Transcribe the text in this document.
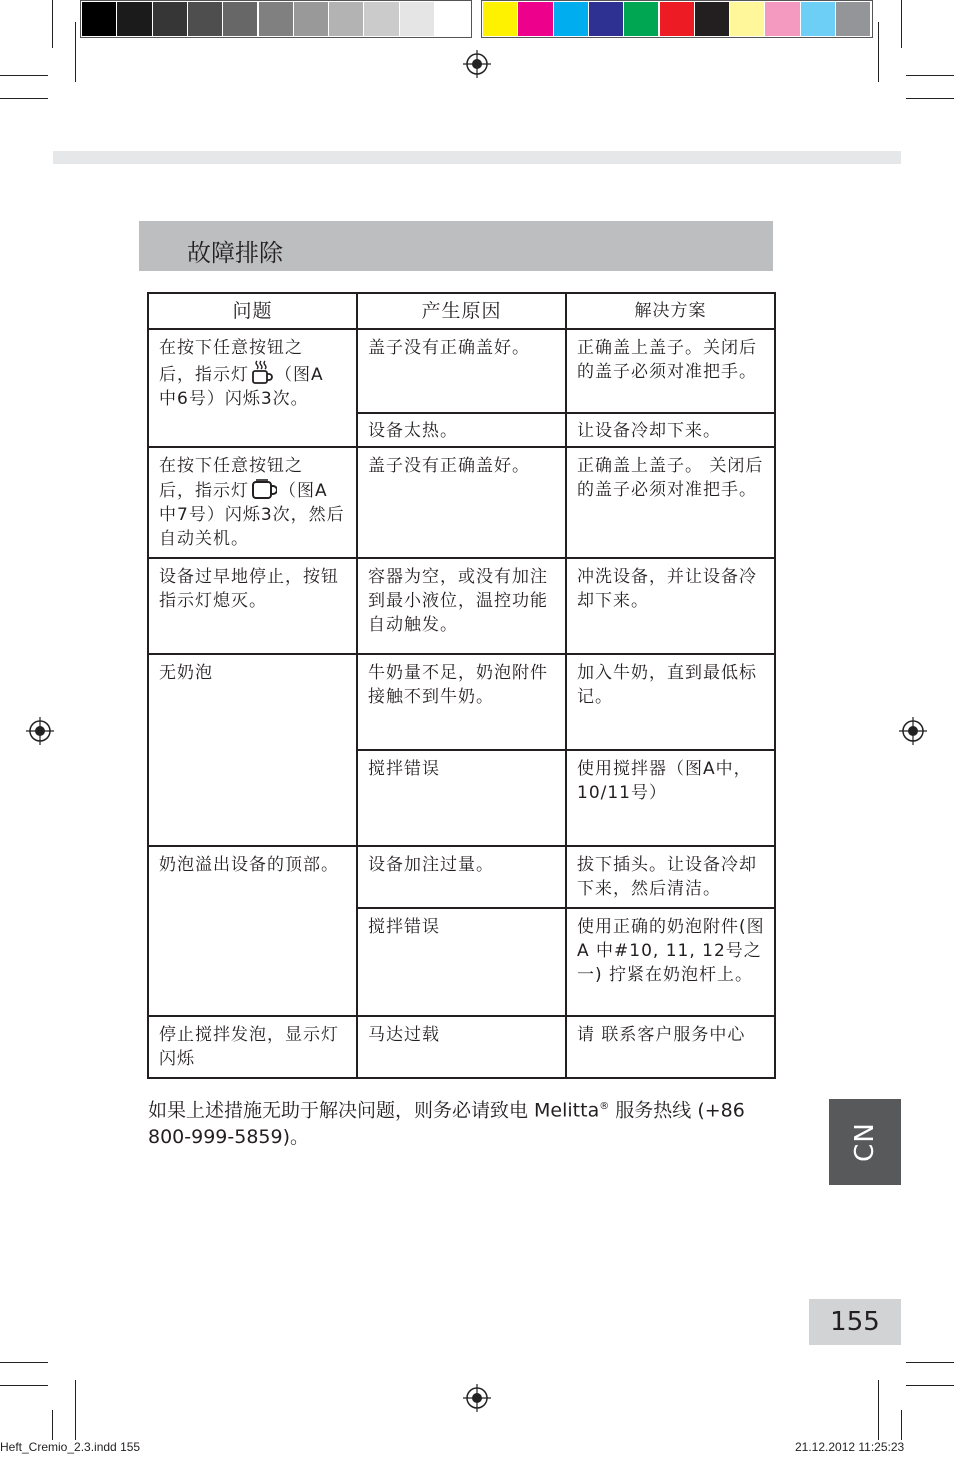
故障排除
问题	产生原因	解决方案
在按下任意按钮之
后，指示灯 （图A
中6号）闪烁3次。	盖子没有正确盖好。	正确盖上盖子。关闭后的盖子必须对准把手。
	设备太热。	让设备冷却下来。
在按下任意按钮之
后，指示灯 （图A
中7号）闪烁3次，然后自动关机。	盖子没有正确盖好。	正确盖上盖子。 关闭后的盖子必须对准把手。
设备过早地停止，按钮指示灯熄灭。	容器为空，或没有加注到最小液位，温控功能自动触发。	冲洗设备，并让设备冷却下来。
无奶泡	牛奶量不足，奶泡附件接触不到牛奶。	加入牛奶，直到最低标记。
	搅拌错误	使用搅拌器（图A中，10/11号）
奶泡溢出设备的顶部。	设备加注过量。	拔下插头。让设备冷却下来，然后清洁。
	搅拌错误	使用正确的奶泡附件(图 A 中#10, 11, 12号之一) 拧紧在奶泡杆上。
停止搅拌发泡，显示灯闪烁	马达过载	请 联系客户服务中心
如果上述措施无助于解决问题，则务必请致电 Melitta® 服务热线 (+86 800-999-5859)。	CN
155
Heft_Cremio_2.3.indd 155	21.12.2012 11:25:23
